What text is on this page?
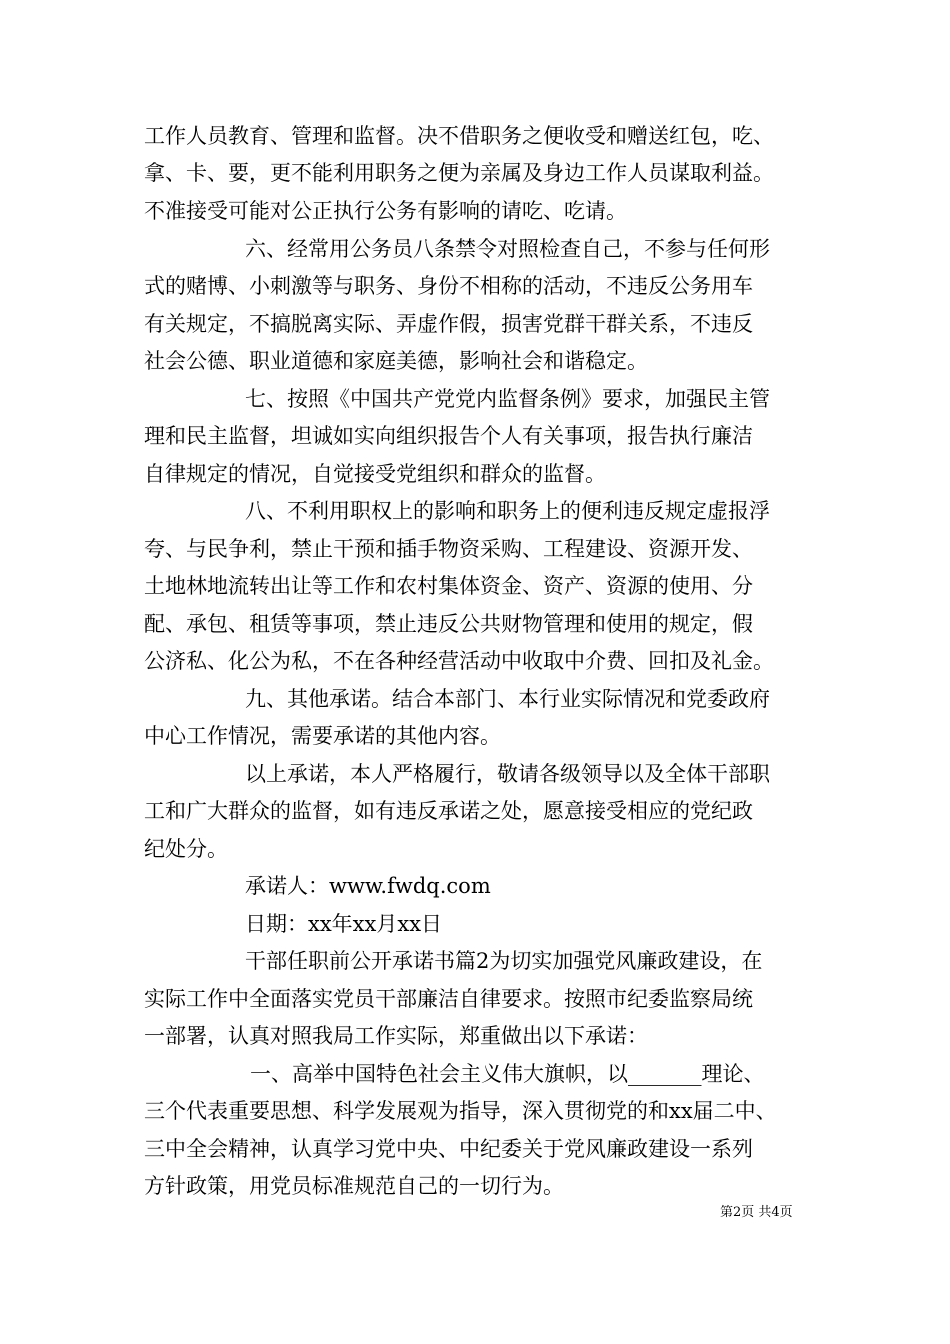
工作人员教育、管理和监督。决不借职务之便收受和赠送红包，吃、
拿、卡、要，更不能利用职务之便为亲属及身边工作人员谋取利益。
不准接受可能对公正执行公务有影响的请吃、吃请。
六、经常用公务员八条禁令对照检查自己，不参与任何形
式的赌博、小刺激等与职务、身份不相称的活动，不违反公务用车
有关规定，不搞脱离实际、弄虚作假，损害党群干群关系，不违反
社会公德、职业道德和家庭美德，影响社会和谐稳定。
七、按照《中国共产党党内监督条例》要求，加强民主管
理和民主监督，坦诚如实向组织报告个人有关事项，报告执行廉洁
自律规定的情况，自觉接受党组织和群众的监督。
八、不利用职权上的影响和职务上的便利违反规定虚报浮
夸、与民争利，禁止干预和插手物资采购、工程建设、资源开发、
土地林地流转出让等工作和农村集体资金、资产、资源的使用、分
配、承包、租赁等事项，禁止违反公共财物管理和使用的规定，假
公济私、化公为私，不在各种经营活动中收取中介费、回扣及礼金。
九、其他承诺。结合本部门、本行业实际情况和党委政府
中心工作情况，需要承诺的其他内容。
以上承诺，本人严格履行，敬请各级领导以及全体干部职
工和广大群众的监督，如有违反承诺之处，愿意接受相应的党纪政
纪处分。
承诺人：www.fwdq.com
日期：xx年xx月xx日
干部任职前公开承诺书篇2为切实加强党风廉政建设，在
实际工作中全面落实党员干部廉洁自律要求。按照市纪委监察局统
一部署，认真对照我局工作实际，郑重做出以下承诺：
一、高举中国特色社会主义伟大旗帜，以_______理论、
三个代表重要思想、科学发展观为指导，深入贯彻党的和xx届二中、
三中全会精神，认真学习党中央、中纪委关于党风廉政建设一系列
方针政策，用党员标准规范自己的一切行为。
第2页 共4页
